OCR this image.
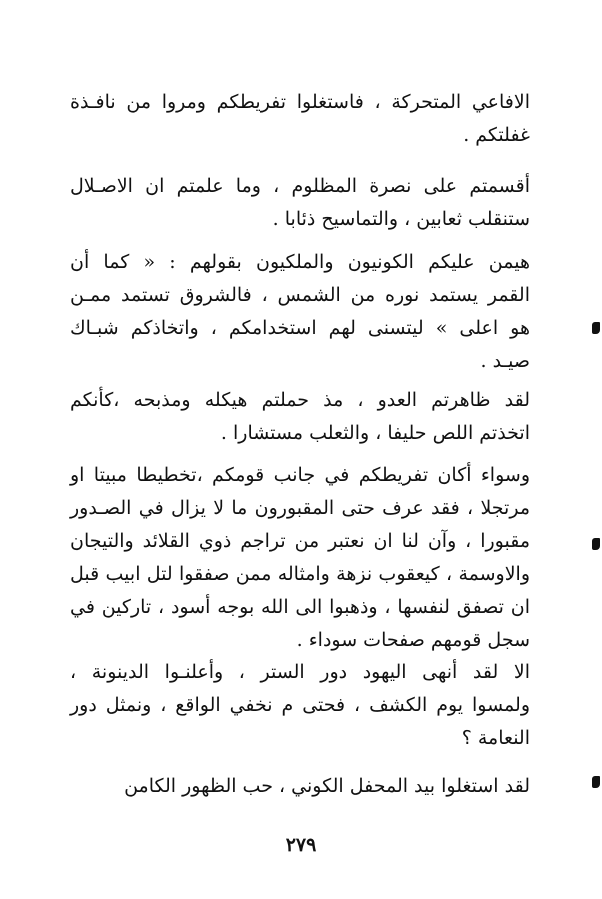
الافاعي المتحركة ، فاستغلوا تفريطكم ومروا من نافـذة
غفلتكم .
أقسمتم على نصرة المظلوم ، وما علمتم ان الاصـلال
ستنقلب ثعابين ، والتماسيح ذئابا .
هيمن عليكم الكونيون والملكيون بقولهم : « كما أن
القمر يستمد نوره من الشمس ، فالشروق تستمد ممـن
هو اعلى » ليتسنى لهم استخدامكم ، واتخاذكم شبـاك
صيـد .
لقد ظاهرتم العدو ، مذ حملتم هيكله ومذبحه ،كأنكم
اتخذتم اللص حليفا ، والثعلب مستشارا .
وسواء أكان تفريطكم في جانب قومكم ،تخطيطا مبيتا او
مرتجلا ، فقد عرف حتى المقبورون ما لا يزال في الصـدور
مقبورا ، وآن لنا ان نعتبر من تراجم ذوي القلائد والتيجان
والاوسمة ، كيعقوب نزهة وامثاله ممن صفقوا لتل ابيب قبل
ان تصفق لنفسها ، وذهبوا الى الله بوجه أسود ، تاركين في
سجل قومهم صفحات سوداء .
الا لقد أنهى اليهود دور الستر ، وأعلنـوا الدينونة ،
ولمسوا يوم الكشف ، فحتى م نخفي الواقع ، ونمثل دور
النعامة ؟
لقد استغلوا بيد المحفل الكوني ، حب الظهور الكامن
٢٧٩
